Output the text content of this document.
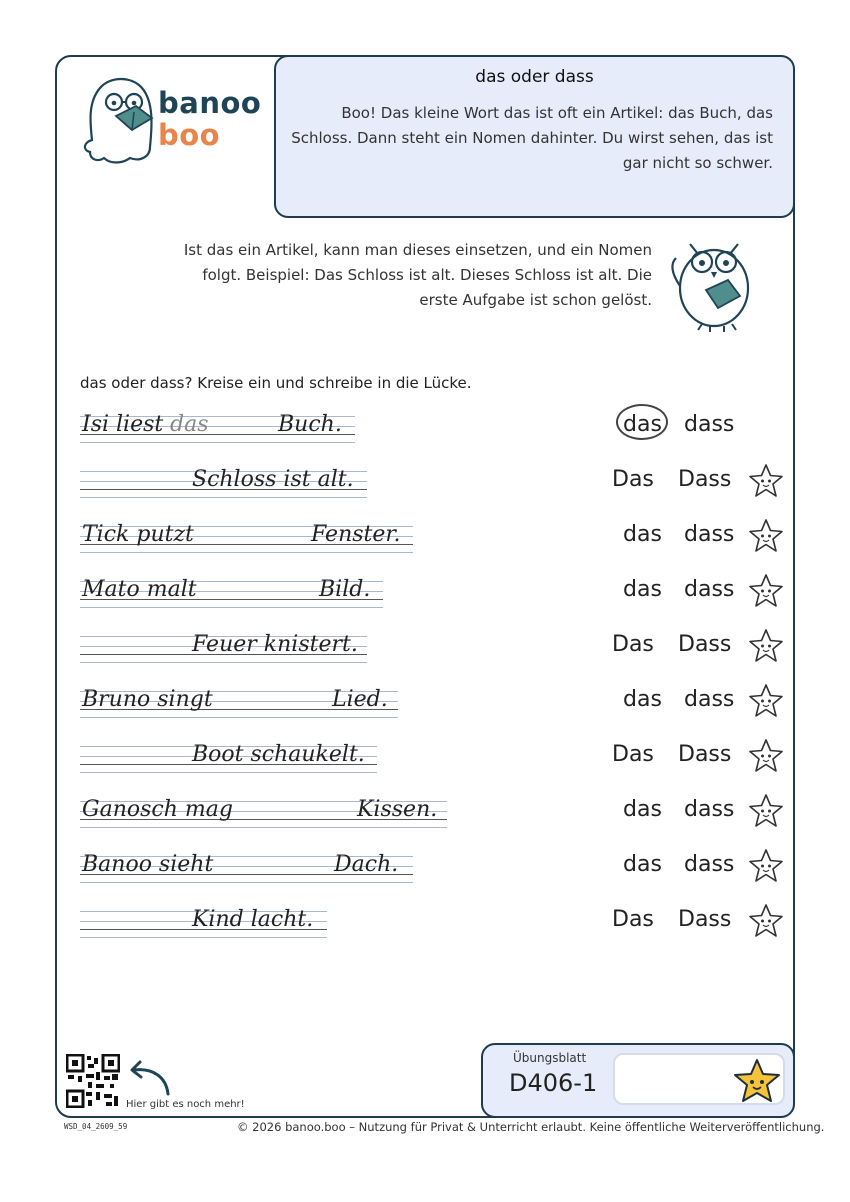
banoo
boo
das oder dass
Boo! Das kleine Wort das ist oft ein Artikel: das Buch, das Schloss. Dann steht ein Nomen dahinter. Du wirst sehen, das ist gar nicht so schwer.
Ist das ein Artikel, kann man dieses einsetzen, und ein Nomen folgt. Beispiel: Das Schloss ist alt. Dieses Schloss ist alt. Die erste Aufgabe ist schon gelöst.
das oder dass? Kreise ein und schreibe in die Lücke.
Isi liest das	Buch.	das dass
Schloss ist alt.	Das Dass
Tick putzt	Fenster.	das dass
Mato malt	Bild.	das dass
Feuer knistert.	Das Dass
Bruno singt	Lied.	das dass
Boot schaukelt.	Das Dass
Ganosch mag	Kissen.	das dass
Banoo sieht	Dach.	das dass
Kind lacht.	Das Dass
Hier gibt es noch mehr!
Übungsblatt
D406-1
WSD_04_2609_59	© 2026 banoo.boo – Nutzung für Privat & Unterricht erlaubt. Keine öffentliche Weiterveröffentlichung.
